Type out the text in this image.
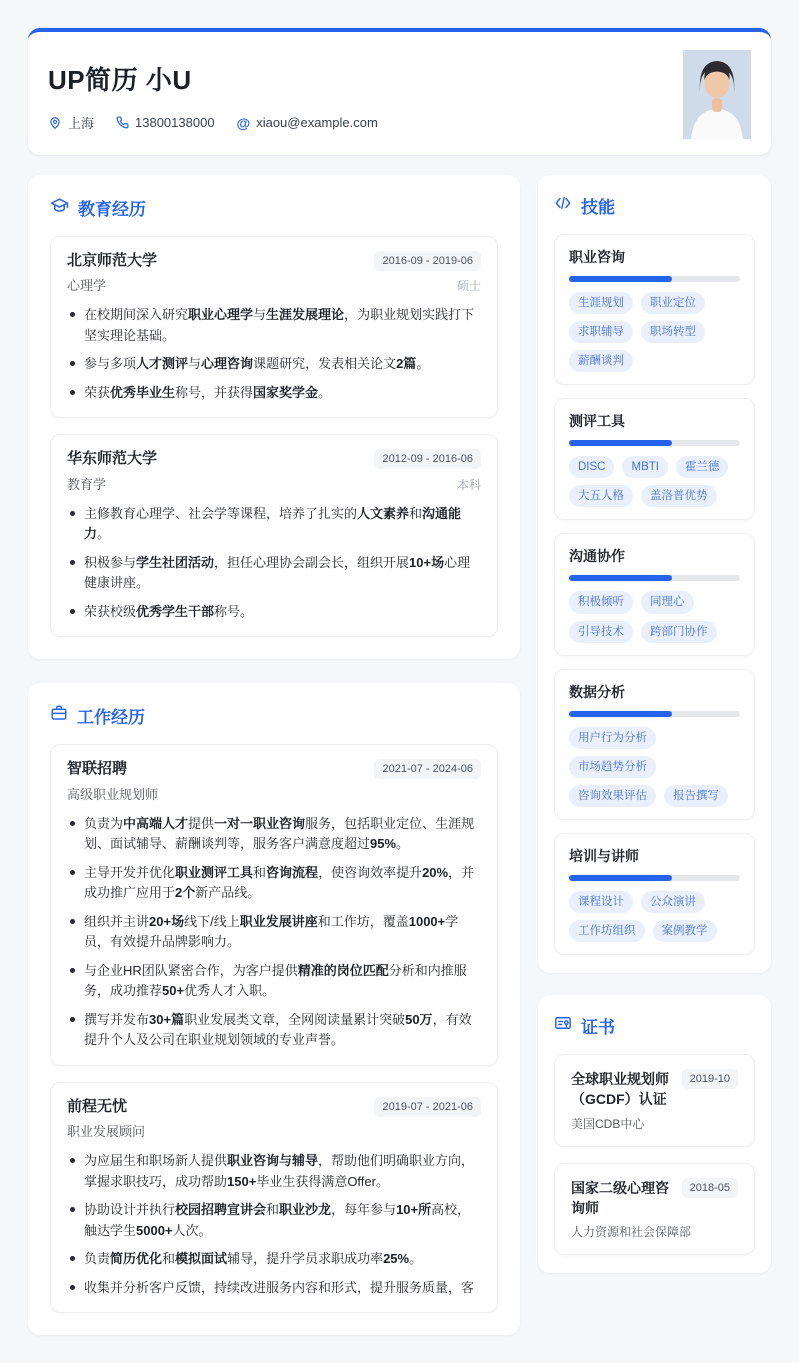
UP简历 小U
上海	13800138000 @ xiaou@example.com
教育经历
北京师范大学	2016-09 - 2019-06
心理学	硕士
在校期间深入研究职业心理学与生涯发展理论，为职业规划实践打下坚实理论基础。
参与多项人才测评与心理咨询课题研究，发表相关论文2篇。
荣获优秀毕业生称号，并获得国家奖学金。
华东师范大学	2012-09 - 2016-06
教育学	本科
主修教育心理学、社会学等课程，培养了扎实的人文素养和沟通能力。
积极参与学生社团活动，担任心理协会副会长，组织开展10+场心理健康讲座。
荣获校级优秀学生干部称号。
工作经历
智联招聘	2021-07 - 2024-06
高级职业规划师
负责为中高端人才提供一对一职业咨询服务，包括职业定位、生涯规划、面试辅导、薪酬谈判等，服务客户满意度超过95%。
主导开发并优化职业测评工具和咨询流程，使咨询效率提升20%，并成功推广应用于2个新产品线。
组织并主讲20+场线下/线上职业发展讲座和工作坊，覆盖1000+学员，有效提升品牌影响力。
与企业HR团队紧密合作，为客户提供精准的岗位匹配分析和内推服务，成功推荐50+优秀人才入职。
撰写并发布30+篇职业发展类文章，全网阅读量累计突破50万，有效提升个人及公司在职业规划领域的专业声誉。
前程无忧	2019-07 - 2021-06
职业发展顾问
为应届生和职场新人提供职业咨询与辅导，帮助他们明确职业方向，掌握求职技巧，成功帮助150+毕业生获得满意Offer。
协助设计并执行校园招聘宣讲会和职业沙龙，每年参与10+所高校，触达学生5000+人次。
负责简历优化和模拟面试辅导，提升学员求职成功率25%。
收集并分析客户反馈，持续改进服务内容和形式，提升服务质量，客
技能
职业咨询
生涯规划	职业定位
求职辅导	职场转型
薪酬谈判
测评工具
DISC	MBTI	霍兰德
大五人格	盖洛普优势
沟通协作
积极倾听	同理心
引导技术	跨部门协作
数据分析
用户行为分析
市场趋势分析
咨询效果评估	报告撰写
培训与讲师
课程设计	公众演讲
工作坊组织	案例教学
证书
全球职业规划师（GCDF）认证
2019-10
美国CDB中心
国家二级心理咨询师
2018-05
人力资源和社会保障部
